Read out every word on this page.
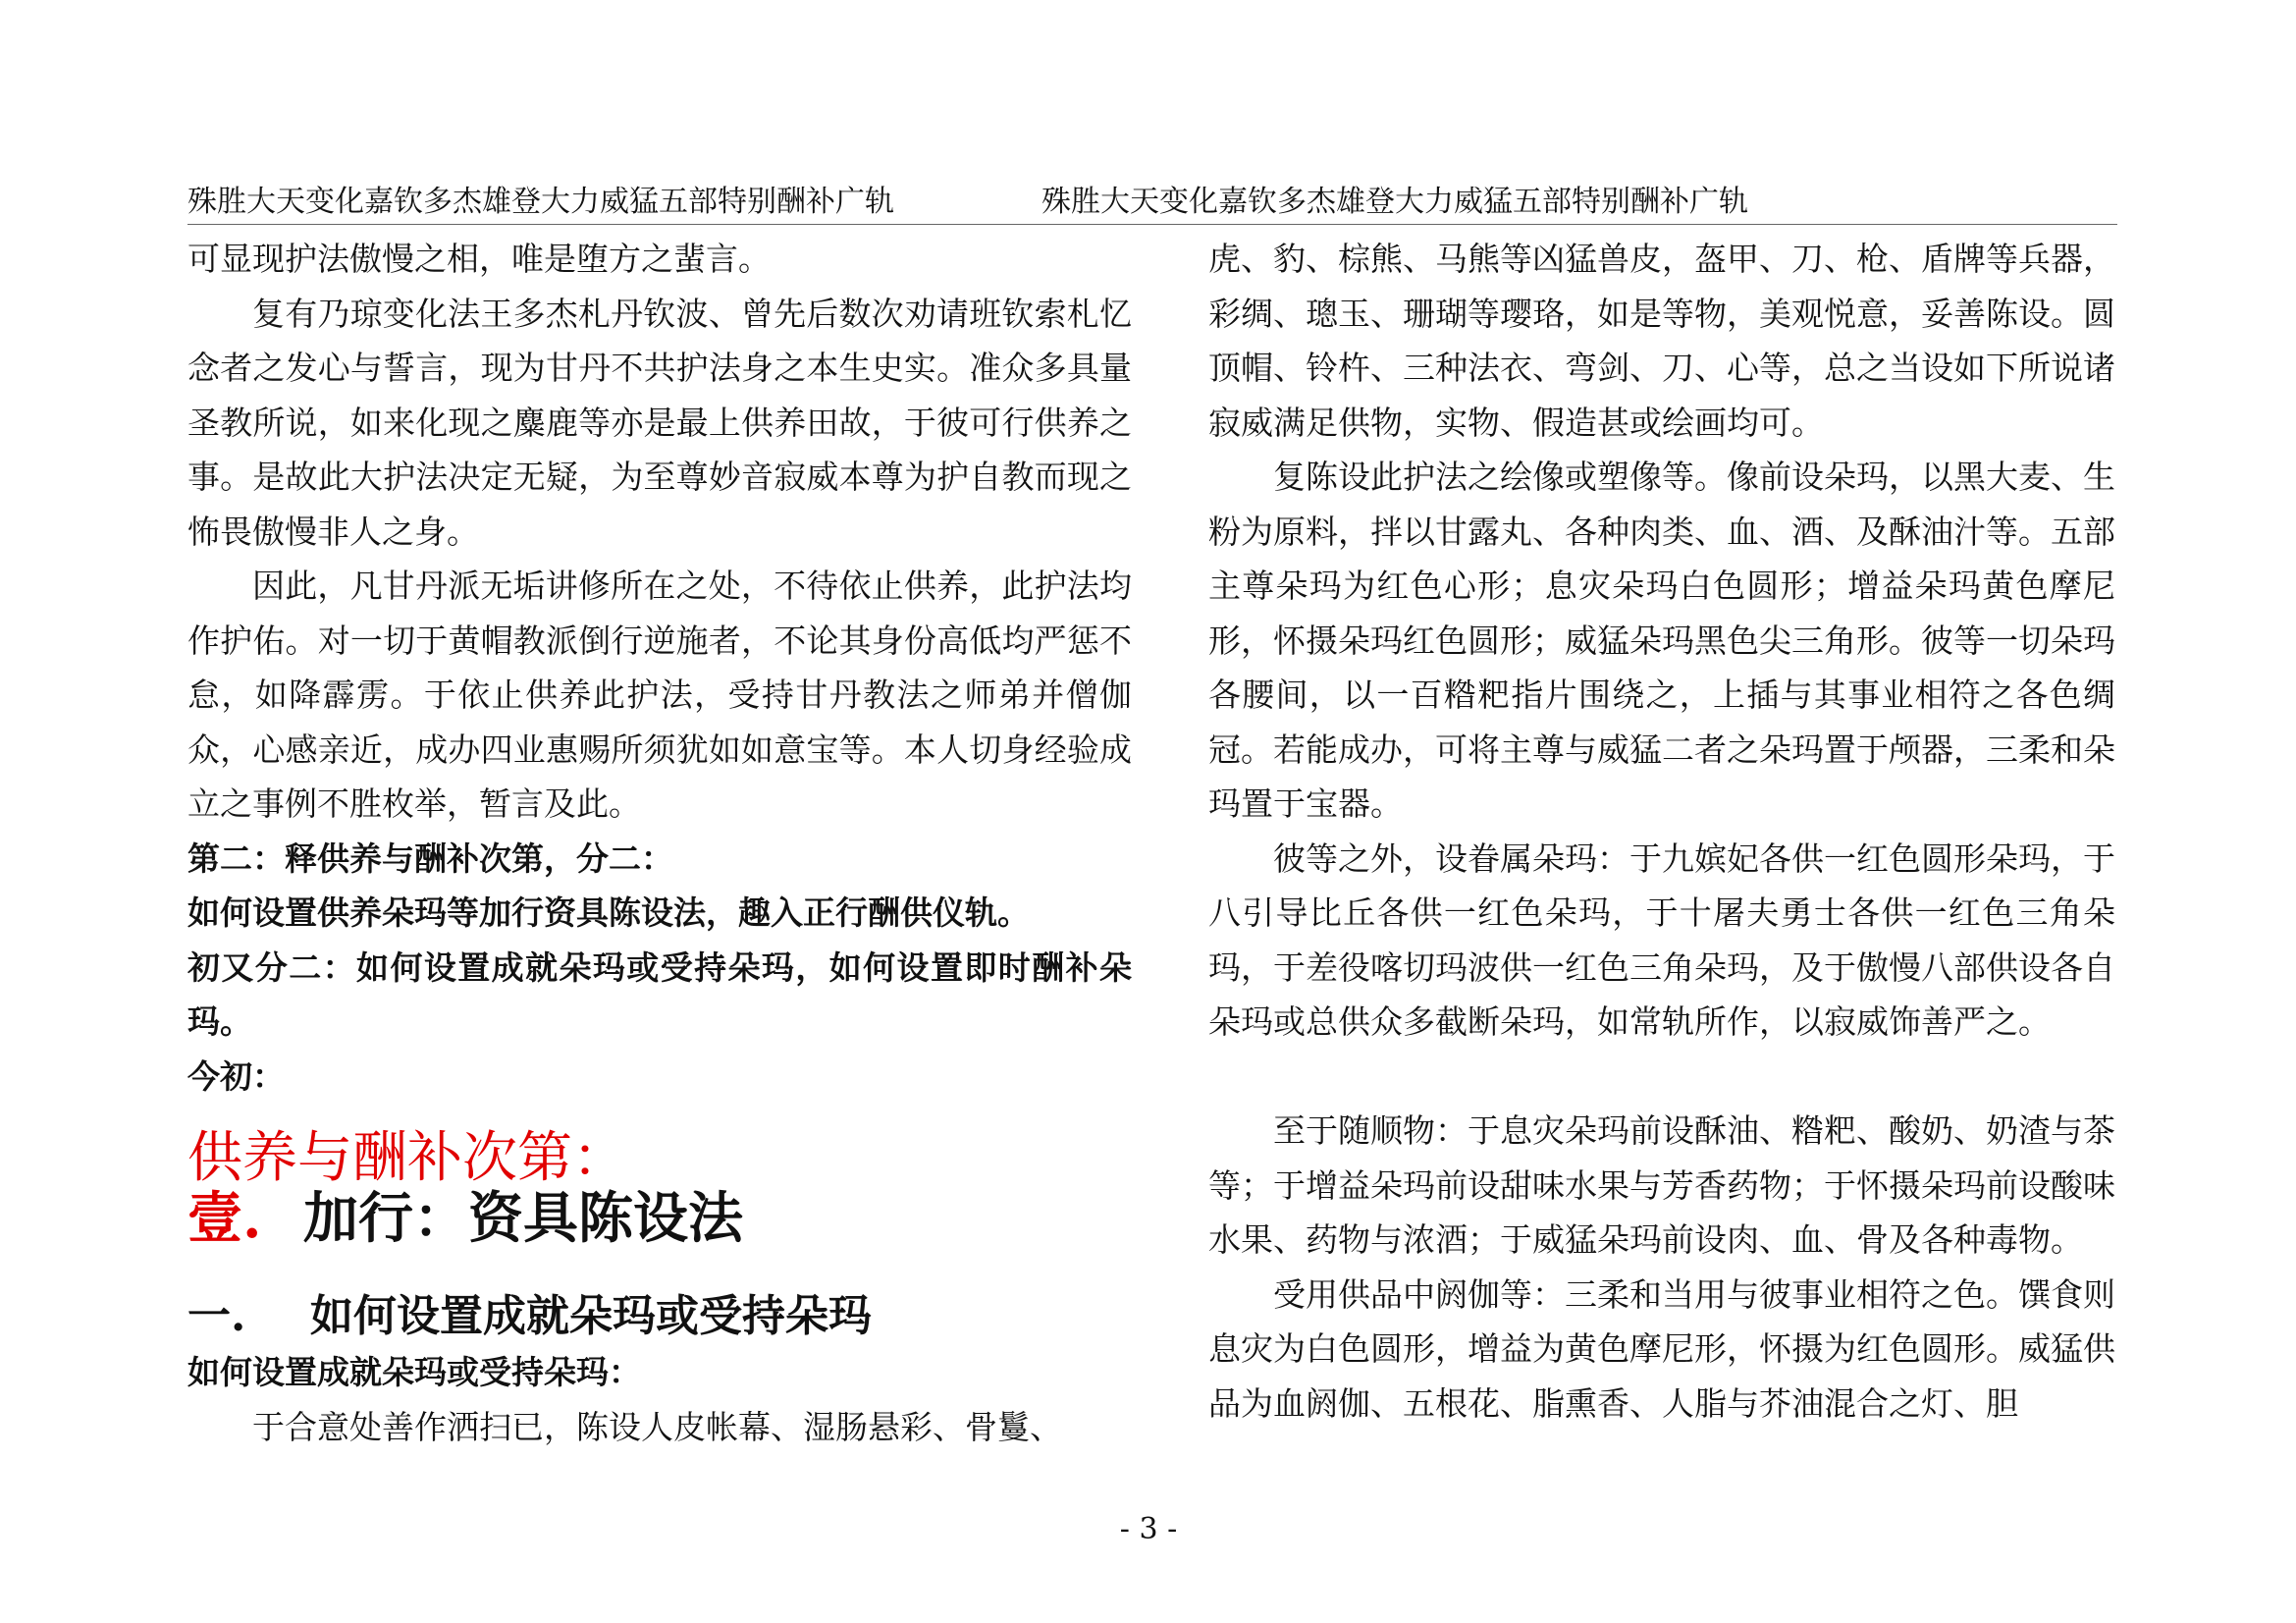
殊胜大天变化嘉钦多杰雄登大力威猛五部特别酬补广轨	殊胜大天变化嘉钦多杰雄登大力威猛五部特别酬补广轨

可显现护法傲慢之相，唯是堕方之蜚言。

复有乃琼变化法王多杰札丹钦波、曾先后数次劝请班钦索札忆念者之发心与誓言，现为甘丹不共护法身之本生史实。准众多具量圣教所说，如来化现之麋鹿等亦是最上供养田故，于彼可行供养之事。是故此大护法决定无疑，为至尊妙音寂威本尊为护自教而现之怖畏傲慢非人之身。

因此，凡甘丹派无垢讲修所在之处，不待依止供养，此护法均作护佑。对一切于黄帽教派倒行逆施者，不论其身份高低均严惩不怠，如降霹雳。于依止供养此护法，受持甘丹教法之师弟并僧伽众，心感亲近，成办四业惠赐所须犹如如意宝等。本人切身经验成立之事例不胜枚举，暂言及此。

第二：释供养与酬补次第，分二：

如何设置供养朵玛等加行资具陈设法，趣入正行酬供仪轨。

初又分二：如何设置成就朵玛或受持朵玛，如何设置即时酬补朵玛。

今初：

供养与酬补次第：
壹. 加行：资具陈设法
一. 如何设置成就朵玛或受持朵玛

如何设置成就朵玛或受持朵玛：

于合意处善作洒扫已，陈设人皮帐幕、湿肠悬彩、骨鬘、

虎、豹、棕熊、马熊等凶猛兽皮，盔甲、刀、枪、盾牌等兵器，彩绸、璁玉、珊瑚等璎珞，如是等物，美观悦意，妥善陈设。圆顶帽、铃杵、三种法衣、弯剑、刀、心等，总之当设如下所说诸寂威满足供物，实物、假造甚或绘画均可。

复陈设此护法之绘像或塑像等。像前设朵玛，以黑大麦、生粉为原料，拌以甘露丸、各种肉类、血、酒、及酥油汁等。五部主尊朵玛为红色心形；息灾朵玛白色圆形；增益朵玛黄色摩尼形，怀摄朵玛红色圆形；威猛朵玛黑色尖三角形。彼等一切朵玛各腰间，以一百糌粑指片围绕之，上插与其事业相符之各色绸冠。若能成办，可将主尊与威猛二者之朵玛置于颅器，三柔和朵玛置于宝器。

彼等之外，设眷属朵玛：于九嫔妃各供一红色圆形朵玛，于八引导比丘各供一红色朵玛，于十屠夫勇士各供一红色三角朵玛，于差役喀切玛波供一红色三角朵玛，及于傲慢八部供设各自朵玛或总供众多截断朵玛，如常轨所作，以寂威饰善严之。

至于随顺物：于息灾朵玛前设酥油、糌粑、酸奶、奶渣与茶等；于增益朵玛前设甜味水果与芳香药物；于怀摄朵玛前设酸味水果、药物与浓酒；于威猛朵玛前设肉、血、骨及各种毒物。

受用供品中阏伽等：三柔和当用与彼事业相符之色。馔食则息灾为白色圆形，增益为黄色摩尼形，怀摄为红色圆形。威猛供品为血阏伽、五根花、脂熏香、人脂与芥油混合之灯、胆

- 3 -
